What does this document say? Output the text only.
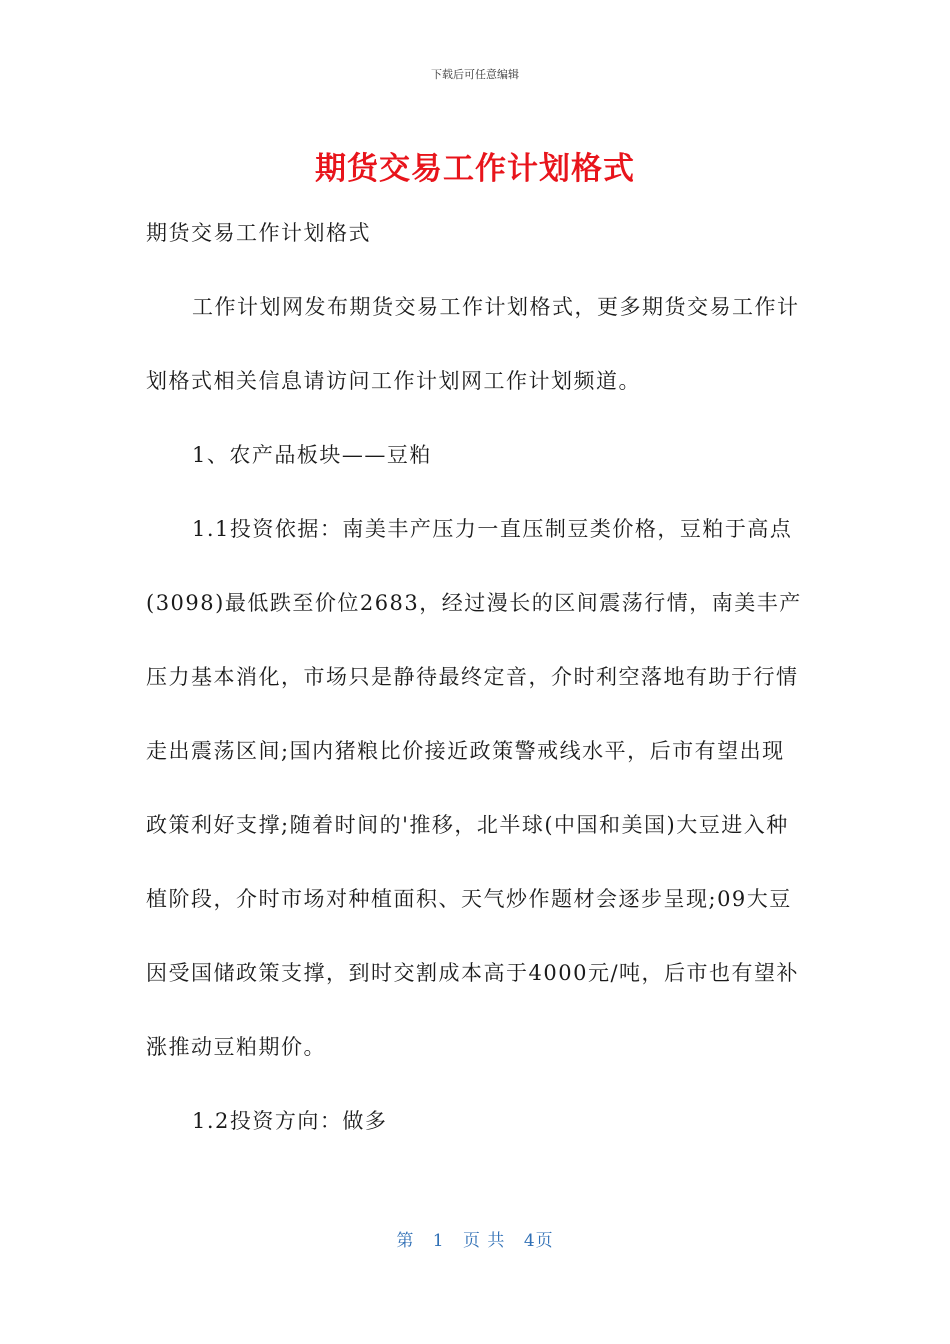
下载后可任意编辑
期货交易工作计划格式

期货交易工作计划格式

工作计划网发布期货交易工作计划格式，更多期货交易工作计划格式相关信息请访问工作计划网工作计划频道。

1、农产品板块——豆粕

1.1投资依据：南美丰产压力一直压制豆类价格，豆粕于高点(3098)最低跌至价位2683，经过漫长的区间震荡行情，南美丰产压力基本消化，市场只是静待最终定音，介时利空落地有助于行情走出震荡区间;国内猪粮比价接近政策警戒线水平，后市有望出现政策利好支撑;随着时间的'推移，北半球(中国和美国)大豆进入种植阶段，介时市场对种植面积、天气炒作题材会逐步呈现;09大豆因受国储政策支撑，到时交割成本高于4000元/吨，后市也有望补涨推动豆粕期价。

1.2投资方向：做多

第 1 页 共 4页
